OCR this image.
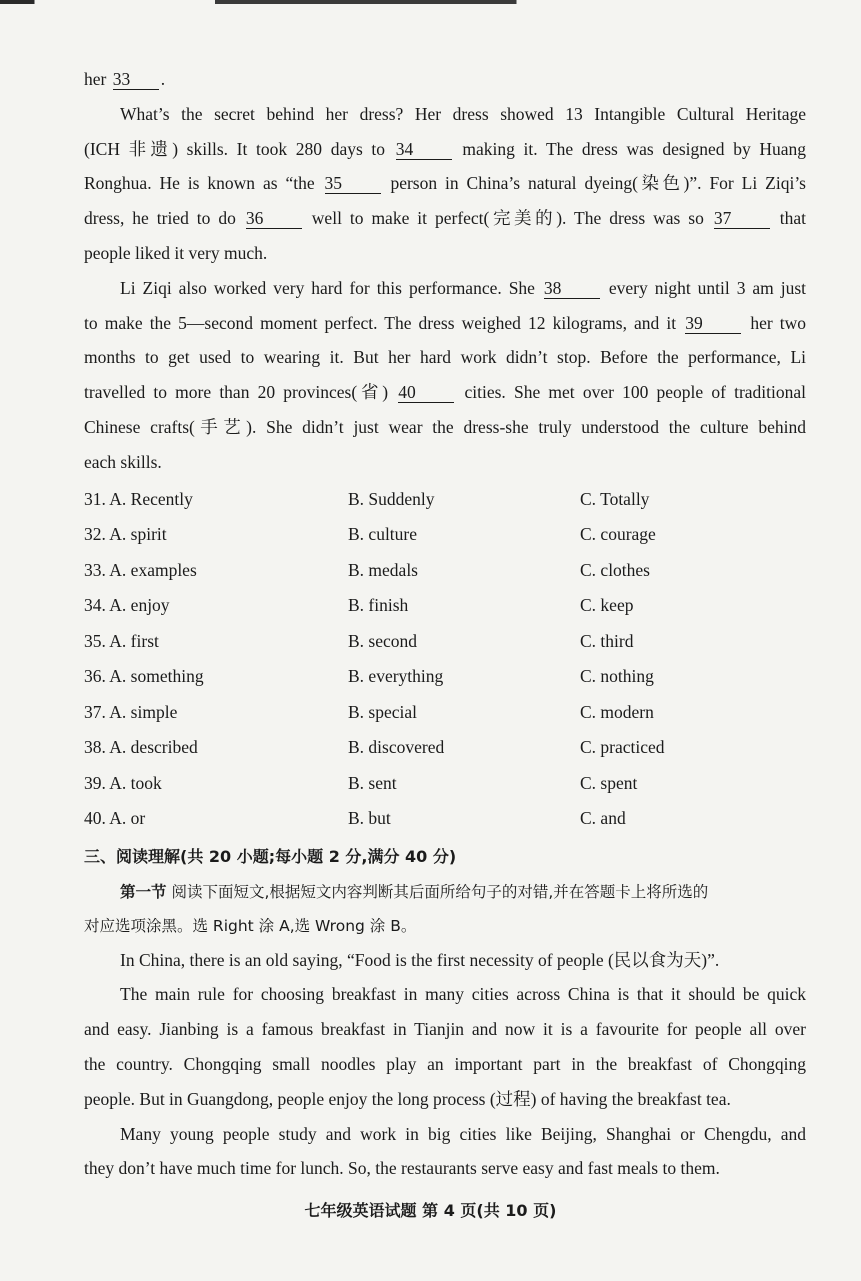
her 33 .
What’s the secret behind her dress? Her dress showed 13 Intangible Cultural Heritage
(ICH 非遗) skills. It took 280 days to 34	making it. The dress was designed by Huang
Ronghua. He is known as “the 35	person in China’s natural dyeing(染色)”. For Li Ziqi’s
dress, he tried to do 36	well to make it perfect(完美的). The dress was so 37	that
people liked it very much.
Li Ziqi also worked very hard for this performance. She 38	every night until 3 am just
to make the 5—second moment perfect. The dress weighed 12 kilograms, and it 39	her two
months to get used to wearing it. But her hard work didn’t stop. Before the performance, Li
travelled to more than 20 provinces(省) 40	cities. She met over 100 people of traditional
Chinese crafts(手艺). She didn’t just wear the dress-she truly understood the culture behind
each skills.
31. A. Recently	B. Suddenly	C. Totally
32. A. spirit	B. culture	C. courage
33. A. examples	B. medals	C. clothes
34. A. enjoy	B. finish	C. keep
35. A. first	B. second	C. third
36. A. something	B. everything	C. nothing
37. A. simple	B. special	C. modern
38. A. described	B. discovered	C. practiced
39. A. took	B. sent	C. spent
40. A. or	B. but	C. and
三、阅读理解(共 20 小题;每小题 2 分,满分 40 分)
第一节 阅读下面短文,根据短文内容判断其后面所给句子的对错,并在答题卡上将所选的
对应选项涂黑。选 Right 涂 A,选 Wrong 涂 B。
In China, there is an old saying, “Food is the first necessity of people (民以食为天)”.
The main rule for choosing breakfast in many cities across China is that it should be quick
and easy. Jianbing is a famous breakfast in Tianjin and now it is a favourite for people all over
the country. Chongqing small noodles play an important part in the breakfast of Chongqing
people. But in Guangdong, people enjoy the long process (过程) of having the breakfast tea.
Many young people study and work in big cities like Beijing, Shanghai or Chengdu, and
they don’t have much time for lunch. So, the restaurants serve easy and fast meals to them.
七年级英语试题 第 4 页(共 10 页)
